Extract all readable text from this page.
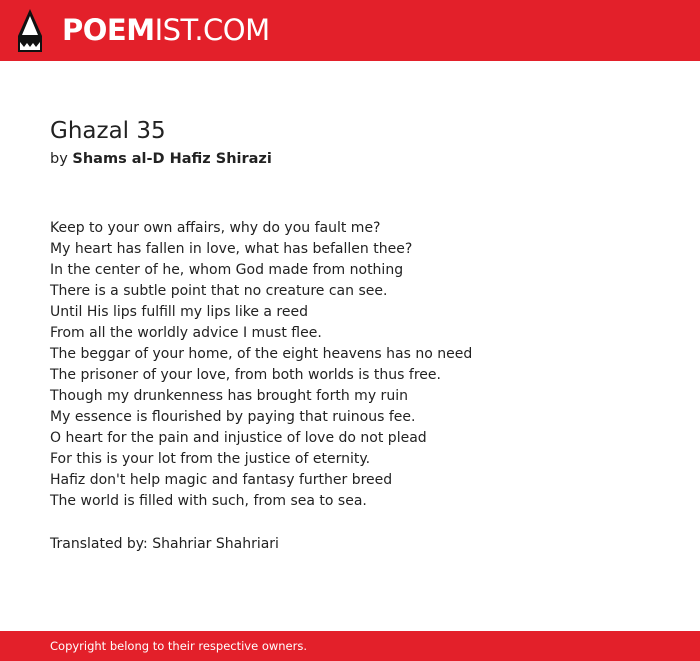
POEMIST.COM
Ghazal 35
by Shams al-D Hafiz Shirazi
Keep to your own affairs, why do you fault me?
My heart has fallen in love, what has befallen thee?
In the center of he, whom God made from nothing
There is a subtle point that no creature can see.
Until His lips fulfill my lips like a reed
From all the worldly advice I must flee.
The beggar of your home, of the eight heavens has no need
The prisoner of your love, from both worlds is thus free.
Though my drunkenness has brought forth my ruin
My essence is flourished by paying that ruinous fee.
O heart for the pain and injustice of love do not plead
For this is your lot from the justice of eternity.
Hafiz don't help magic and fantasy further breed
The world is filled with such, from sea to sea.
Translated by: Shahriar Shahriari
Copyright belong to their respective owners.
